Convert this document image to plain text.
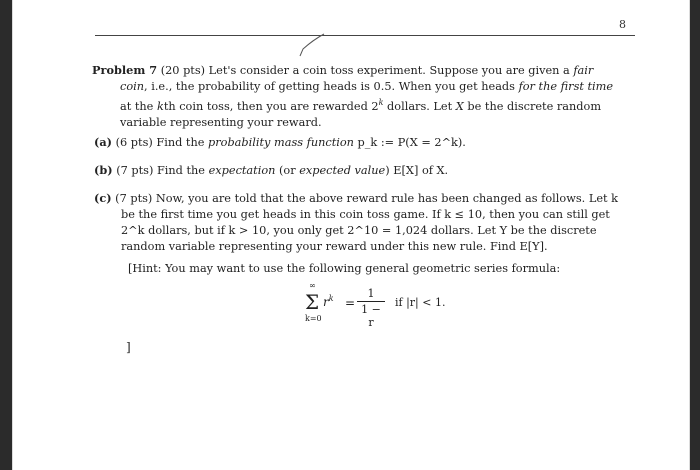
8
Problem 7 (20 pts) Let's consider a coin toss experiment. Suppose you are given a fair coin, i.e., the probability of getting heads is 0.5. When you get heads for the first time at the kth coin toss, then you are rewarded 2$^k$ dollars. Let X be the discrete random variable representing your reward.
(a) (6 pts) Find the probability mass function p_k := P(X = 2^k).
(b) (7 pts) Find the expectation (or expected value) E[X] of X.
(c) (7 pts) Now, you are told that the above reward rule has been changed as follows. Let k be the first time you get heads in this coin toss game. If k ≤ 10, then you can still get 2^k dollars, but if k > 10, you only get 2^10 = 1,024 dollars. Let Y be the discrete random variable representing your reward under this new rule. Find E[Y].
[Hint: You may want to use the following general geometric series formula:
∞
Σ
k=0
$r^k$ =
1
1 − r
if |r| < 1.
]
